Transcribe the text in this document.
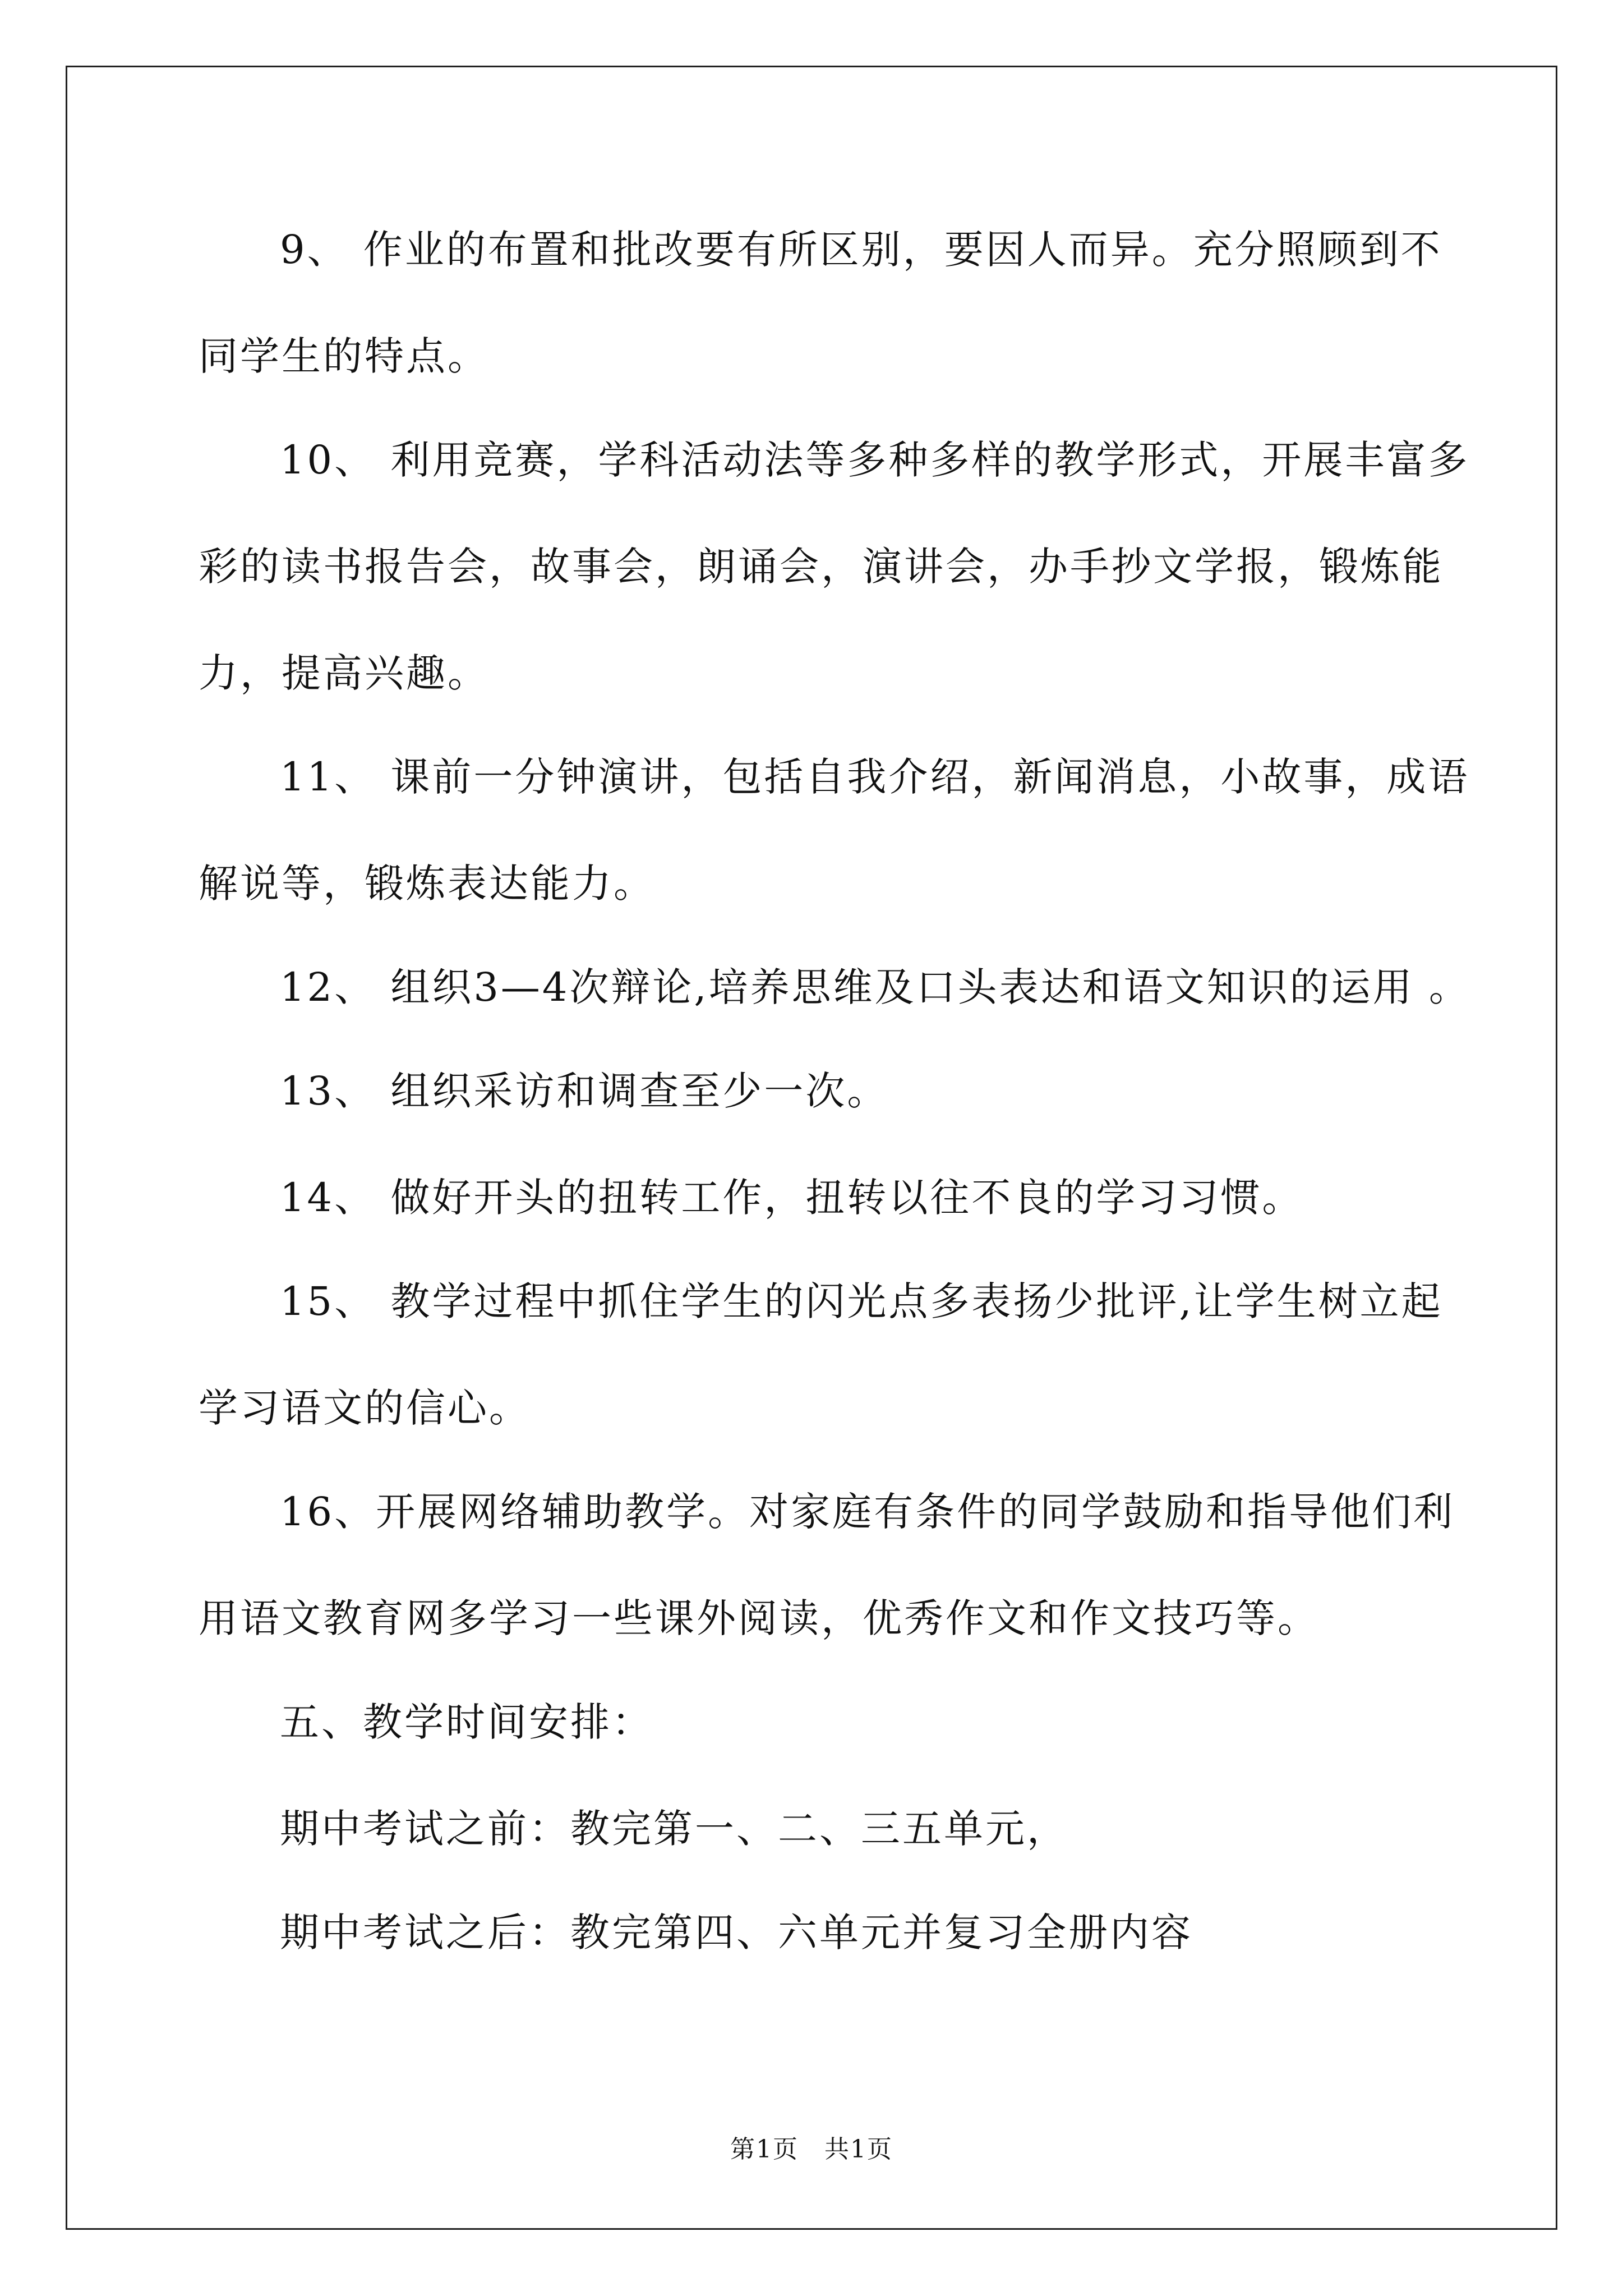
9、 作业的布置和批改要有所区别，要因人而异。充分照顾到不
同学生的特点。
10、 利用竞赛，学科活动法等多种多样的教学形式，开展丰富多
彩的读书报告会，故事会，朗诵会，演讲会，办手抄文学报，锻炼能
力，提高兴趣。
11、 课前一分钟演讲，包括自我介绍，新闻消息，小故事，成语
解说等，锻炼表达能力。
12、 组织3—4次辩论,培养思维及口头表达和语文知识的运用 。
13、 组织采访和调查至少一次。
14、 做好开头的扭转工作，扭转以往不良的学习习惯。
15、 教学过程中抓住学生的闪光点多表扬少批评,让学生树立起
学习语文的信心。
16、开展网络辅助教学。对家庭有条件的同学鼓励和指导他们利
用语文教育网多学习一些课外阅读，优秀作文和作文技巧等。
五、教学时间安排：
期中考试之前：教完第一、二、三五单元，
期中考试之后：教完第四、六单元并复习全册内容
第1页　共1页
